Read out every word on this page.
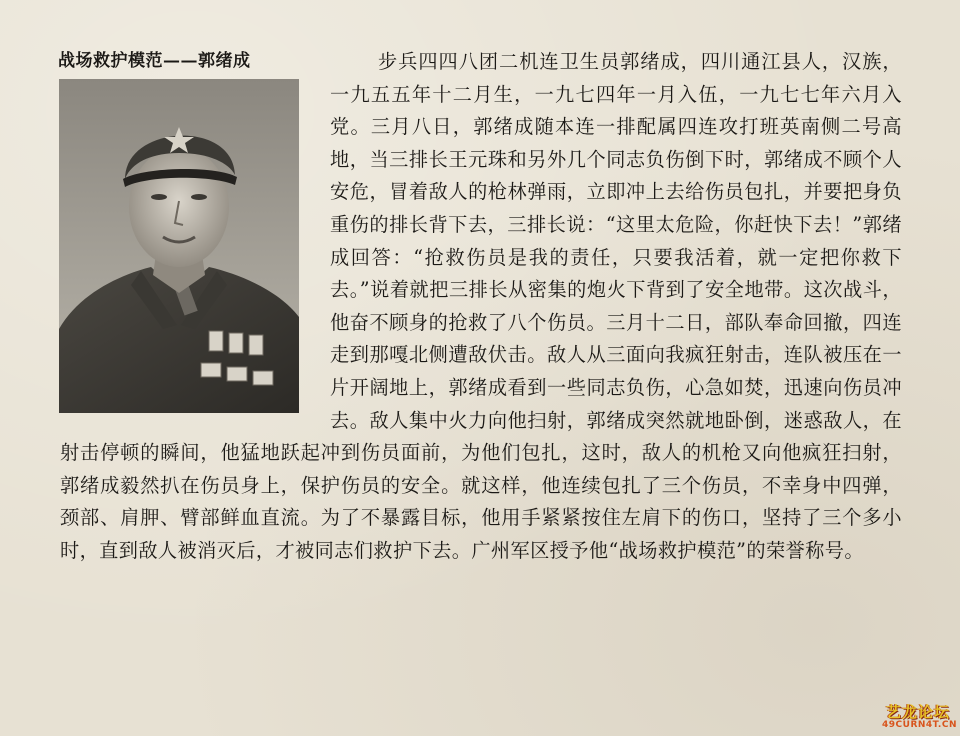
战场救护模范——郭绪成	步兵四四八团二机连卫生员郭绪成，四川通江县人，汉族，一九五五年十二月生，一九七四年一月入伍，一九七七年六月入党。三月八日，郭绪成随本连一排配属四连攻打班英南侧二号高地，当三排长王元珠和另外几个同志负伤倒下时，郭绪成不顾个人安危，冒着敌人的枪林弹雨，立即冲上去给伤员包扎，并要把身负重伤的排长背下去，三排长说：“这里太危险，你赶快下去！”郭绪成回答：“抢救伤员是我的责任，只要我活着，就一定把你救下去。”说着就把三排长从密集的炮火下背到了安全地带。这次战斗，他奋不顾身的抢救了八个伤员。三月十二日，部队奉命回撤，四连走到那嘎北侧遭敌伏击。敌人从三面向我疯狂射击，连队被压在一片开阔地上，郭绪成看到一些同志负伤，心急如焚，迅速向伤员冲去。敌人集中火力向他扫射，郭绪成突然就地卧倒，迷惑敌人，在射击停顿的瞬间，他猛地跃起冲到伤员面前，为他们包扎，这时，敌人的机枪又向他疯狂扫射，郭绪成毅然扒在伤员身上，保护伤员的安全。就这样，他连续包扎了三个伤员，不幸身中四弹，颈部、肩胛、臂部鲜血直流。为了不暴露目标，他用手紧紧按住左肩下的伤口，坚持了三个多小时，直到敌人被消灭后，才被同志们救护下去。广州军区授予他“战场救护模范”的荣誉称号。

艺龙论坛
49CURN4T.CN
